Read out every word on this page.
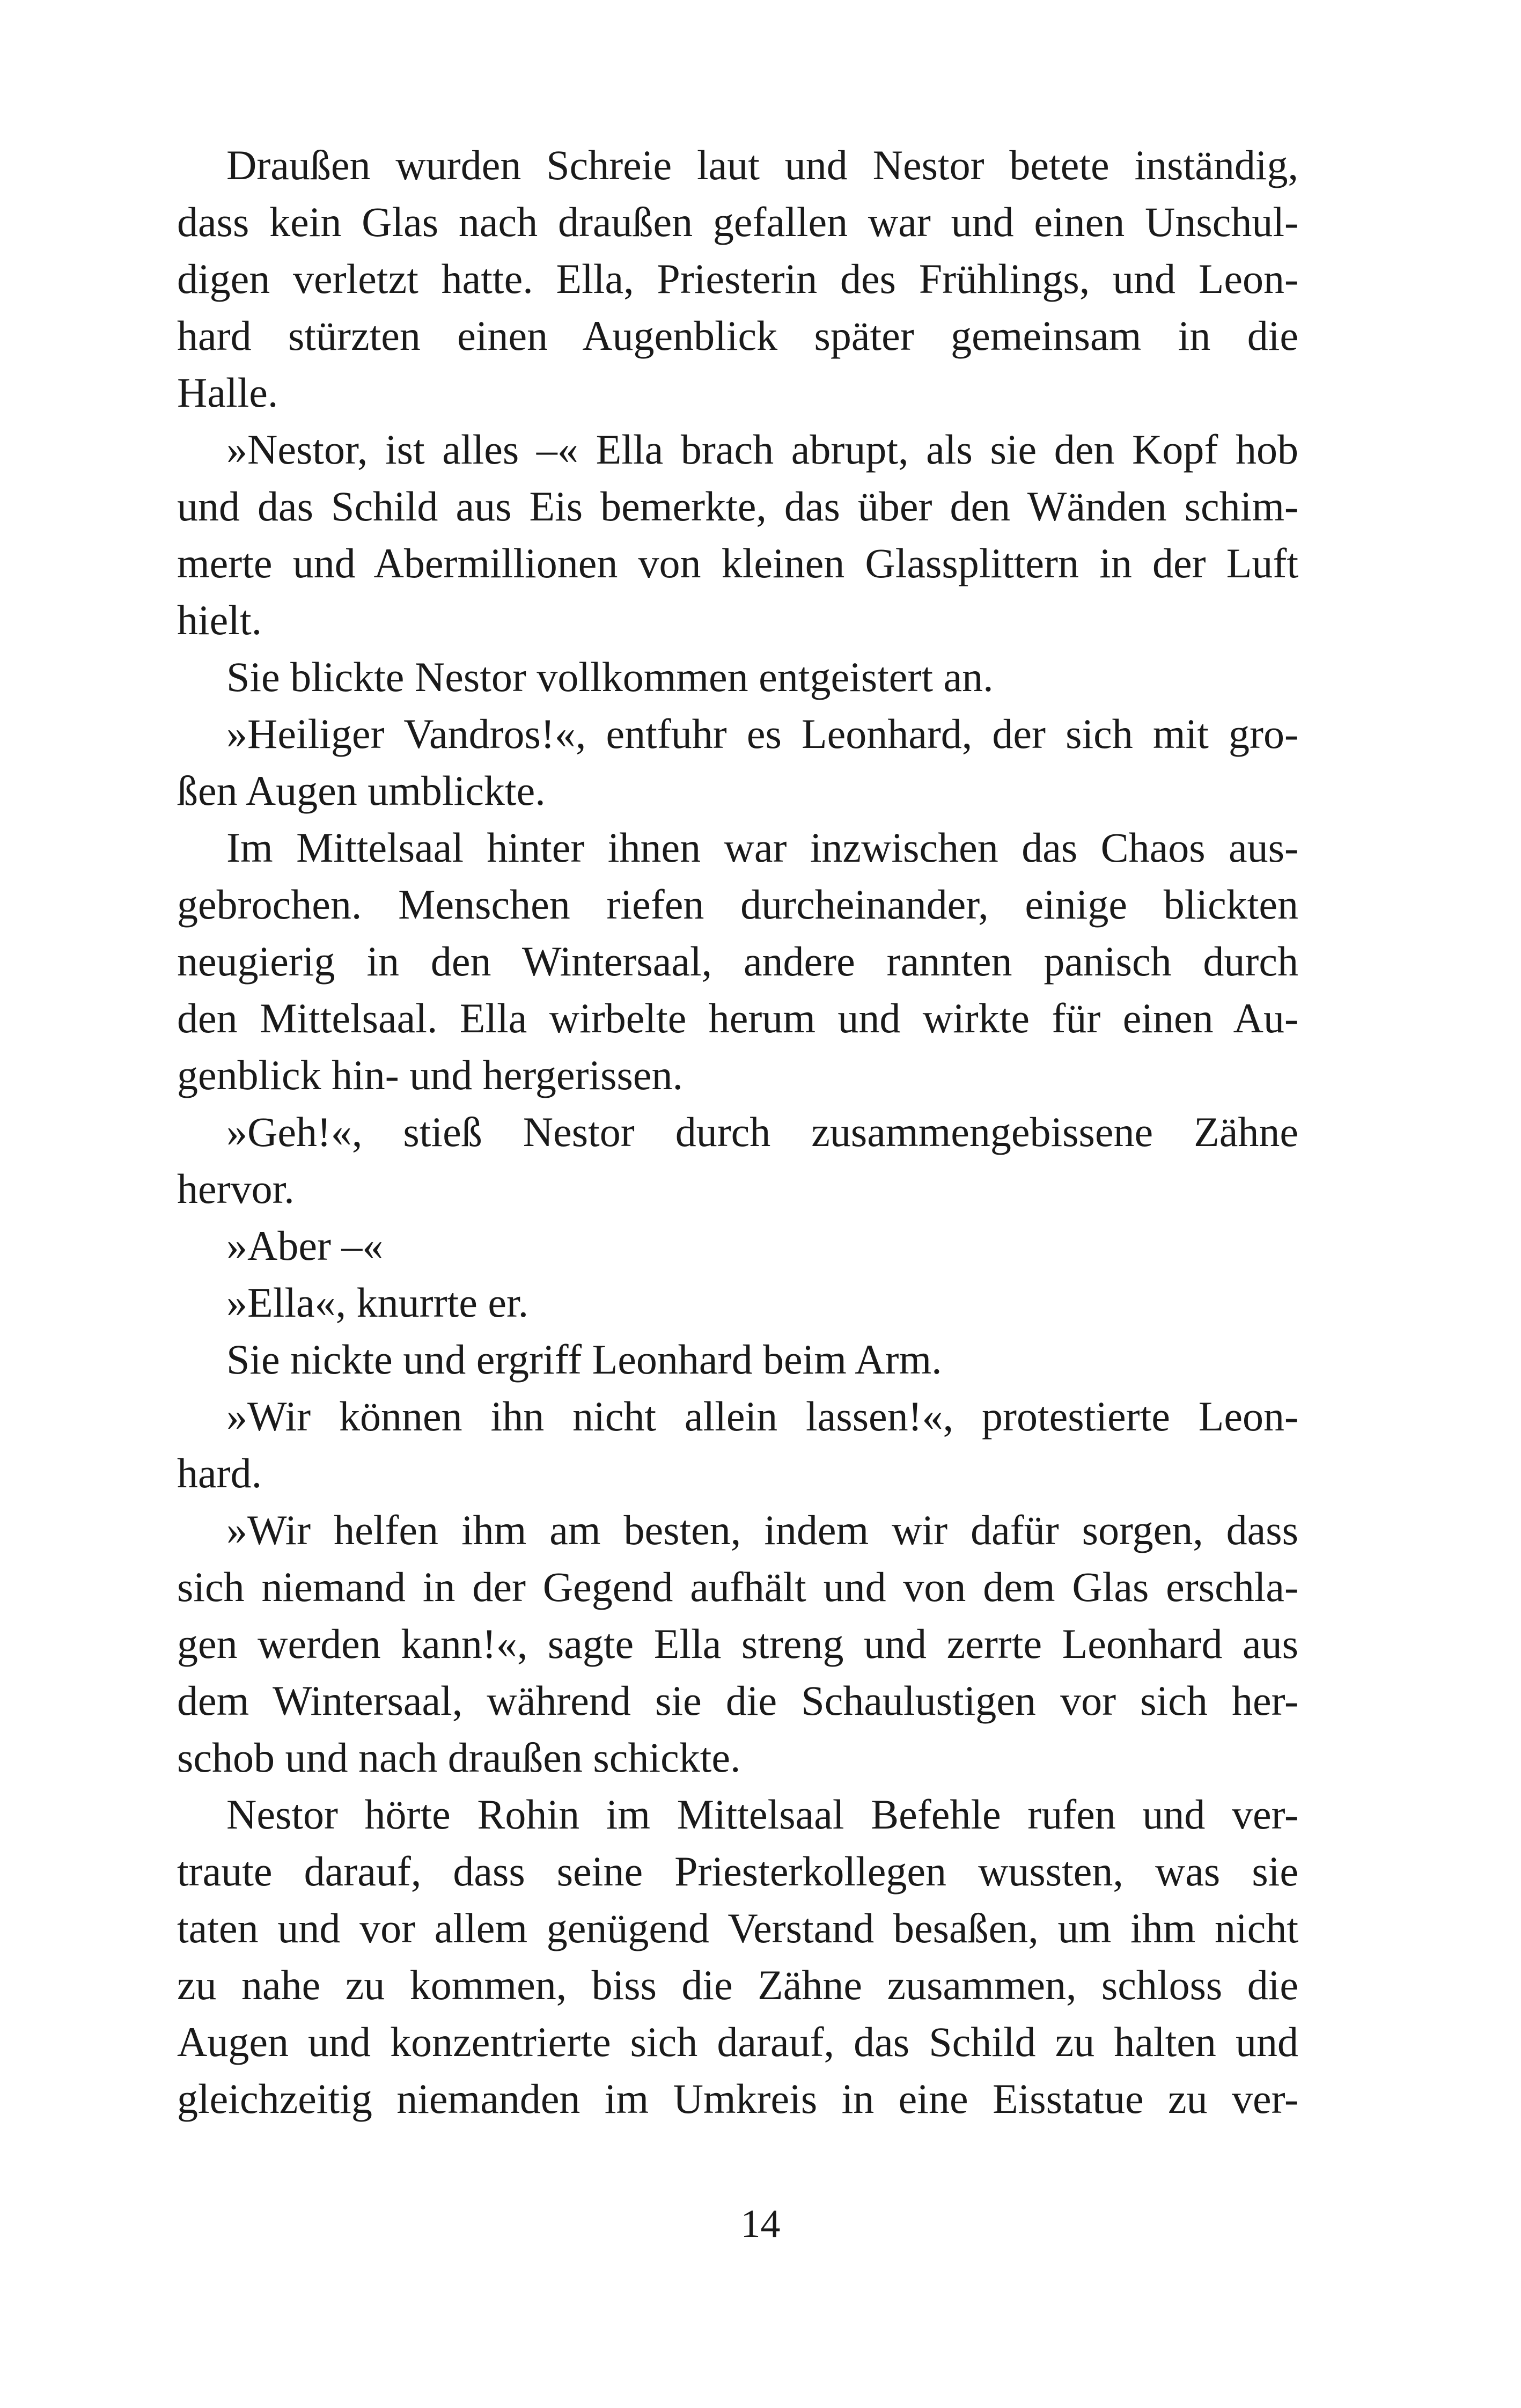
Draußen wurden Schreie laut und Nestor betete inständig,
dass kein Glas nach draußen gefallen war und einen Unschul-
digen verletzt hatte. Ella, Priesterin des Frühlings, und Leon-
hard stürzten einen Augenblick später gemeinsam in die
Halle.
»Nestor, ist alles –« Ella brach abrupt, als sie den Kopf hob
und das Schild aus Eis bemerkte, das über den Wänden schim-
merte und Abermillionen von kleinen Glassplittern in der Luft
hielt.
Sie blickte Nestor vollkommen entgeistert an.
»Heiliger Vandros!«, entfuhr es Leonhard, der sich mit gro-
ßen Augen umblickte.
Im Mittelsaal hinter ihnen war inzwischen das Chaos aus-
gebrochen. Menschen riefen durcheinander, einige blickten
neugierig in den Wintersaal, andere rannten panisch durch
den Mittelsaal. Ella wirbelte herum und wirkte für einen Au-
genblick hin- und hergerissen.
»Geh!«, stieß Nestor durch zusammengebissene Zähne
hervor.
»Aber –«
»Ella«, knurrte er.
Sie nickte und ergriff Leonhard beim Arm.
»Wir können ihn nicht allein lassen!«, protestierte Leon-
hard.
»Wir helfen ihm am besten, indem wir dafür sorgen, dass
sich niemand in der Gegend aufhält und von dem Glas erschla-
gen werden kann!«, sagte Ella streng und zerrte Leonhard aus
dem Wintersaal, während sie die Schaulustigen vor sich her-
schob und nach draußen schickte.
Nestor hörte Rohin im Mittelsaal Befehle rufen und ver-
traute darauf, dass seine Priesterkollegen wussten, was sie
taten und vor allem genügend Verstand besaßen, um ihm nicht
zu nahe zu kommen, biss die Zähne zusammen, schloss die
Augen und konzentrierte sich darauf, das Schild zu halten und
gleichzeitig niemanden im Umkreis in eine Eisstatue zu ver-
14
